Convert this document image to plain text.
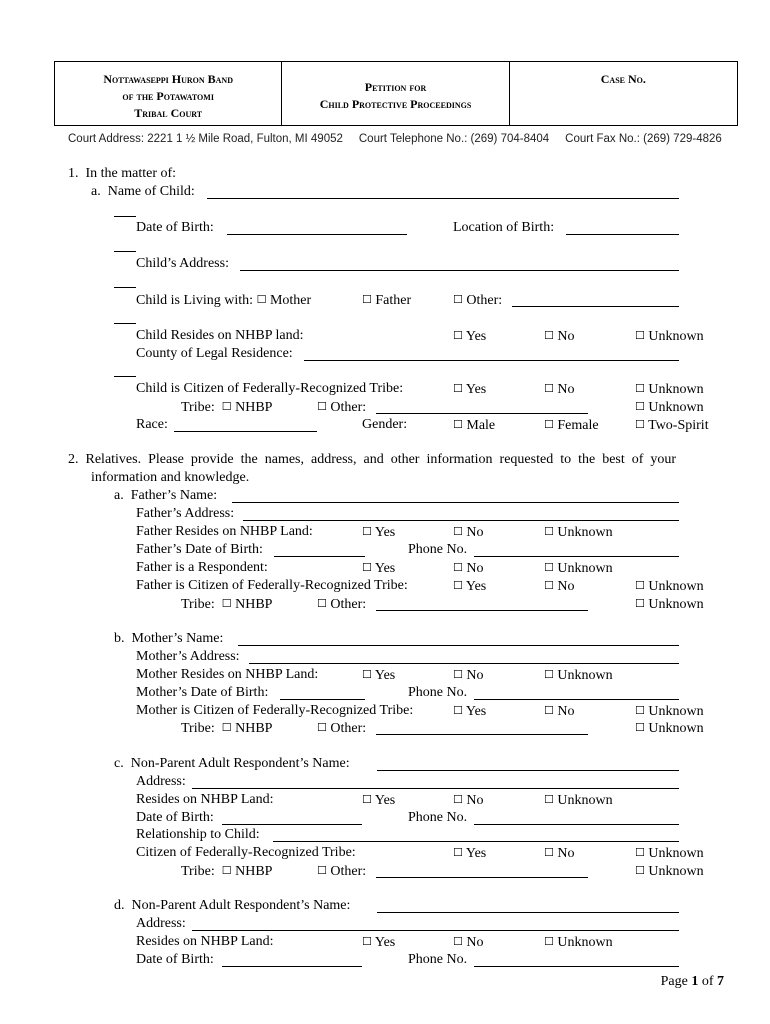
Nottawaseppi Huron Band
of the Potawatomi
Tribal Court
Petition for
Child Protective Proceedings
Case No.
Court Address: 2221 1 ½ Mile Road, Fulton, MI 49052 Court Telephone No.: (269) 704-8404 Court Fax No.: (269) 729-4826
1.  In the matter of:
a.  Name of Child:
Date of Birth:	Location of Birth:
Child’s Address:
Child is Living with: ☐ Mother	☐ Father	☐ Other:
Child Resides on NHBP land:	☐ Yes	☐ No	☐ Unknown
County of Legal Residence:
Child is Citizen of Federally-Recognized Tribe:	☐ Yes	☐ No	☐ Unknown
Tribe: ☐ NHBP	☐ Other:	☐ Unknown
Race:	Gender:	☐ Male	☐ Female	☐ Two-Spirit
2.  Relatives.  Please  provide  the  names,  address,  and  other  information  requested  to  the  best  of  your
information and knowledge.
a.  Father’s Name:
Father’s Address:
Father Resides on NHBP Land:	☐ Yes	☐ No	☐ Unknown
Father’s Date of Birth:	Phone No.
Father is a Respondent:	☐ Yes	☐ No	☐ Unknown
Father is Citizen of Federally-Recognized Tribe:	☐ Yes	☐ No	☐ Unknown
Tribe: ☐ NHBP	☐ Other:	☐ Unknown
b.  Mother’s Name:
Mother’s Address:
Mother Resides on NHBP Land:	☐ Yes	☐ No	☐ Unknown
Mother’s Date of Birth:	Phone No.
Mother is Citizen of Federally-Recognized Tribe:	☐ Yes	☐ No	☐ Unknown
Tribe: ☐ NHBP	☐ Other:	☐ Unknown
c.  Non-Parent Adult Respondent’s Name:
Address:
Resides on NHBP Land:	☐ Yes	☐ No	☐ Unknown
Date of Birth:	Phone No.
Relationship to Child:
Citizen of Federally-Recognized Tribe:	☐ Yes	☐ No	☐ Unknown
Tribe: ☐ NHBP	☐ Other:	☐ Unknown
d.  Non-Parent Adult Respondent’s Name:
Address:
Resides on NHBP Land:	☐ Yes	☐ No	☐ Unknown
Date of Birth:	Phone No.
Page 1 of 7
